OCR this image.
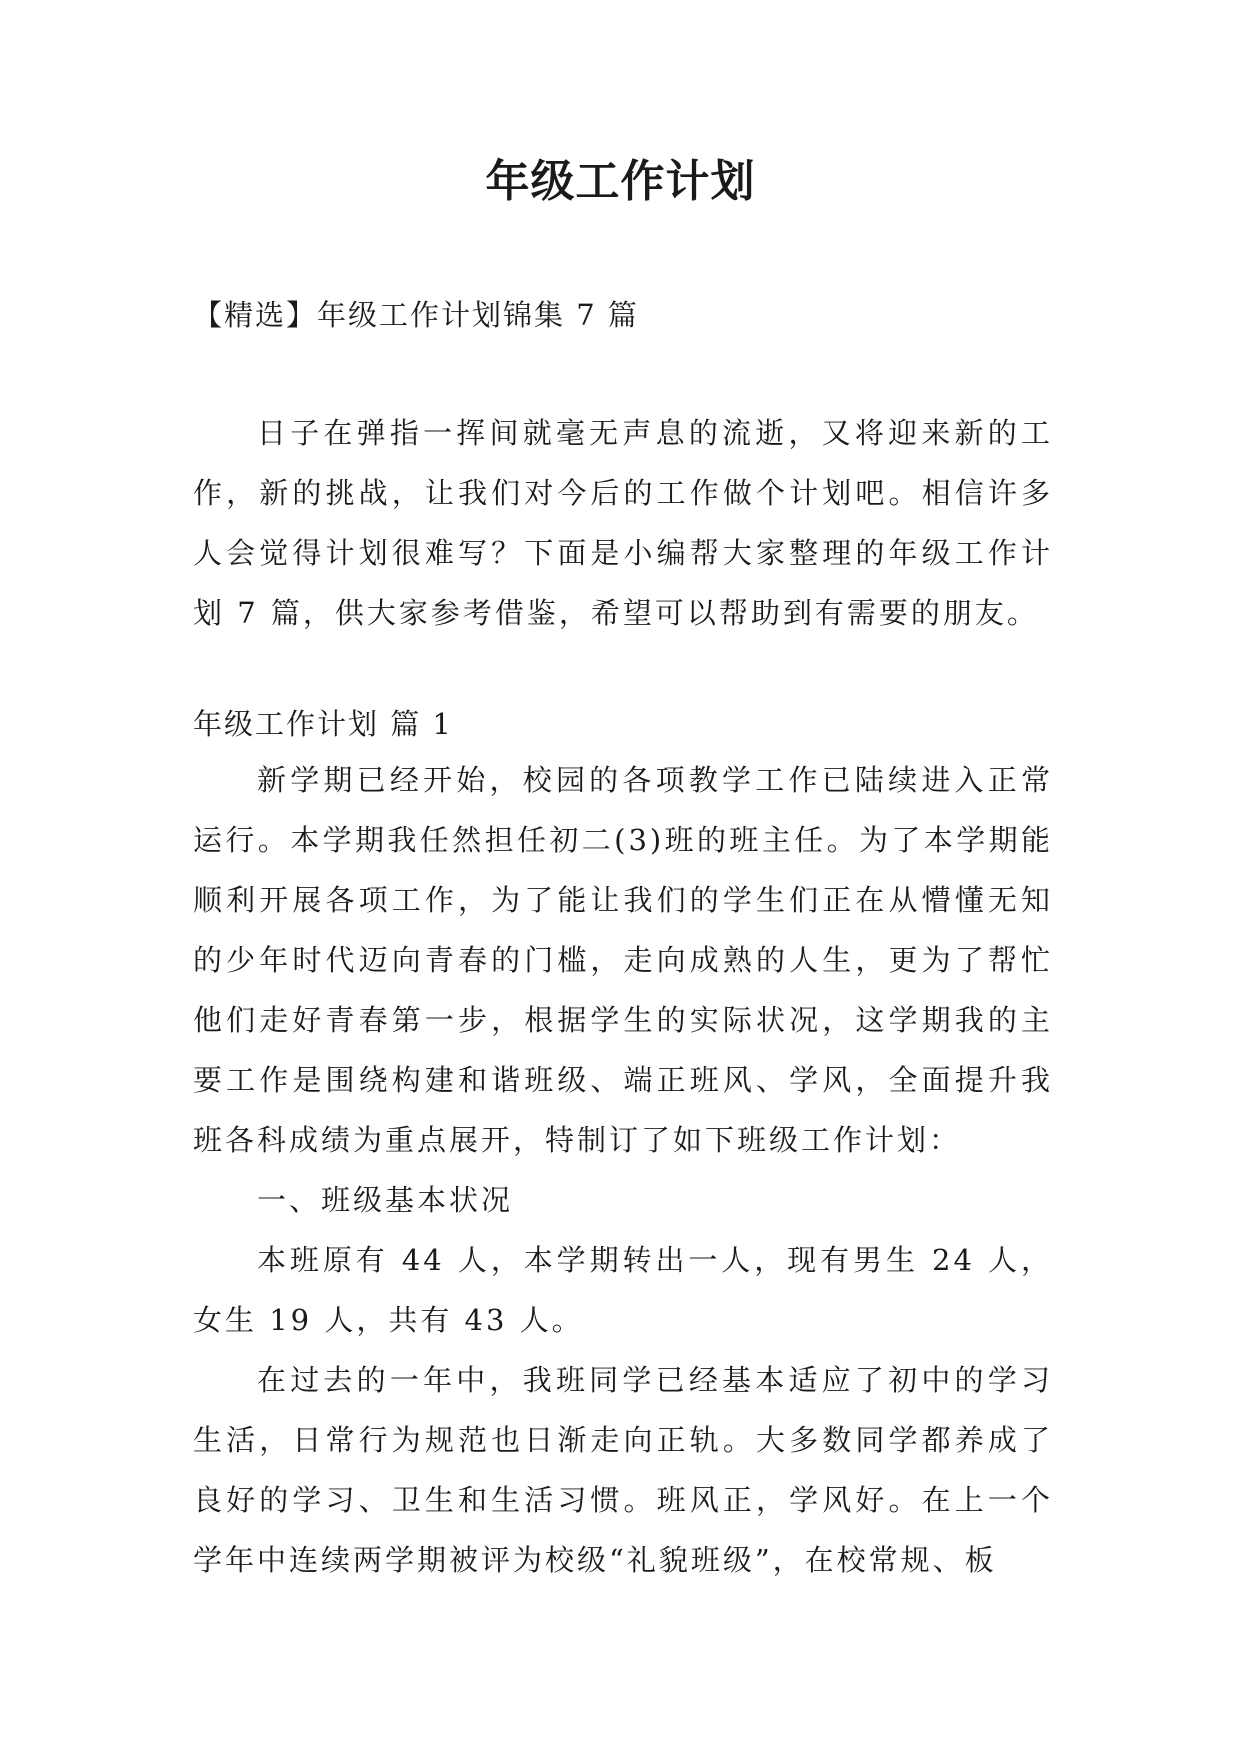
年级工作计划

【精选】年级工作计划锦集 7 篇

日子在弹指一挥间就毫无声息的流逝，又将迎来新的工作，新的挑战，让我们对今后的工作做个计划吧。相信许多人会觉得计划很难写？下面是小编帮大家整理的年级工作计划 7 篇，供大家参考借鉴，希望可以帮助到有需要的朋友。

年级工作计划 篇 1

新学期已经开始，校园的各项教学工作已陆续进入正常运行。本学期我任然担任初二(3)班的班主任。为了本学期能顺利开展各项工作，为了能让我们的学生们正在从懵懂无知的少年时代迈向青春的门槛，走向成熟的人生，更为了帮忙他们走好青春第一步，根据学生的实际状况，这学期我的主要工作是围绕构建和谐班级、端正班风、学风，全面提升我班各科成绩为重点展开，特制订了如下班级工作计划：

一、班级基本状况

本班原有 44 人，本学期转出一人，现有男生 24 人，女生 19 人，共有 43 人。

在过去的一年中，我班同学已经基本适应了初中的学习生活，日常行为规范也日渐走向正轨。大多数同学都养成了良好的学习、卫生和生活习惯。班风正，学风好。在上一个学年中连续两学期被评为校级“礼貌班级”，在校常规、板
